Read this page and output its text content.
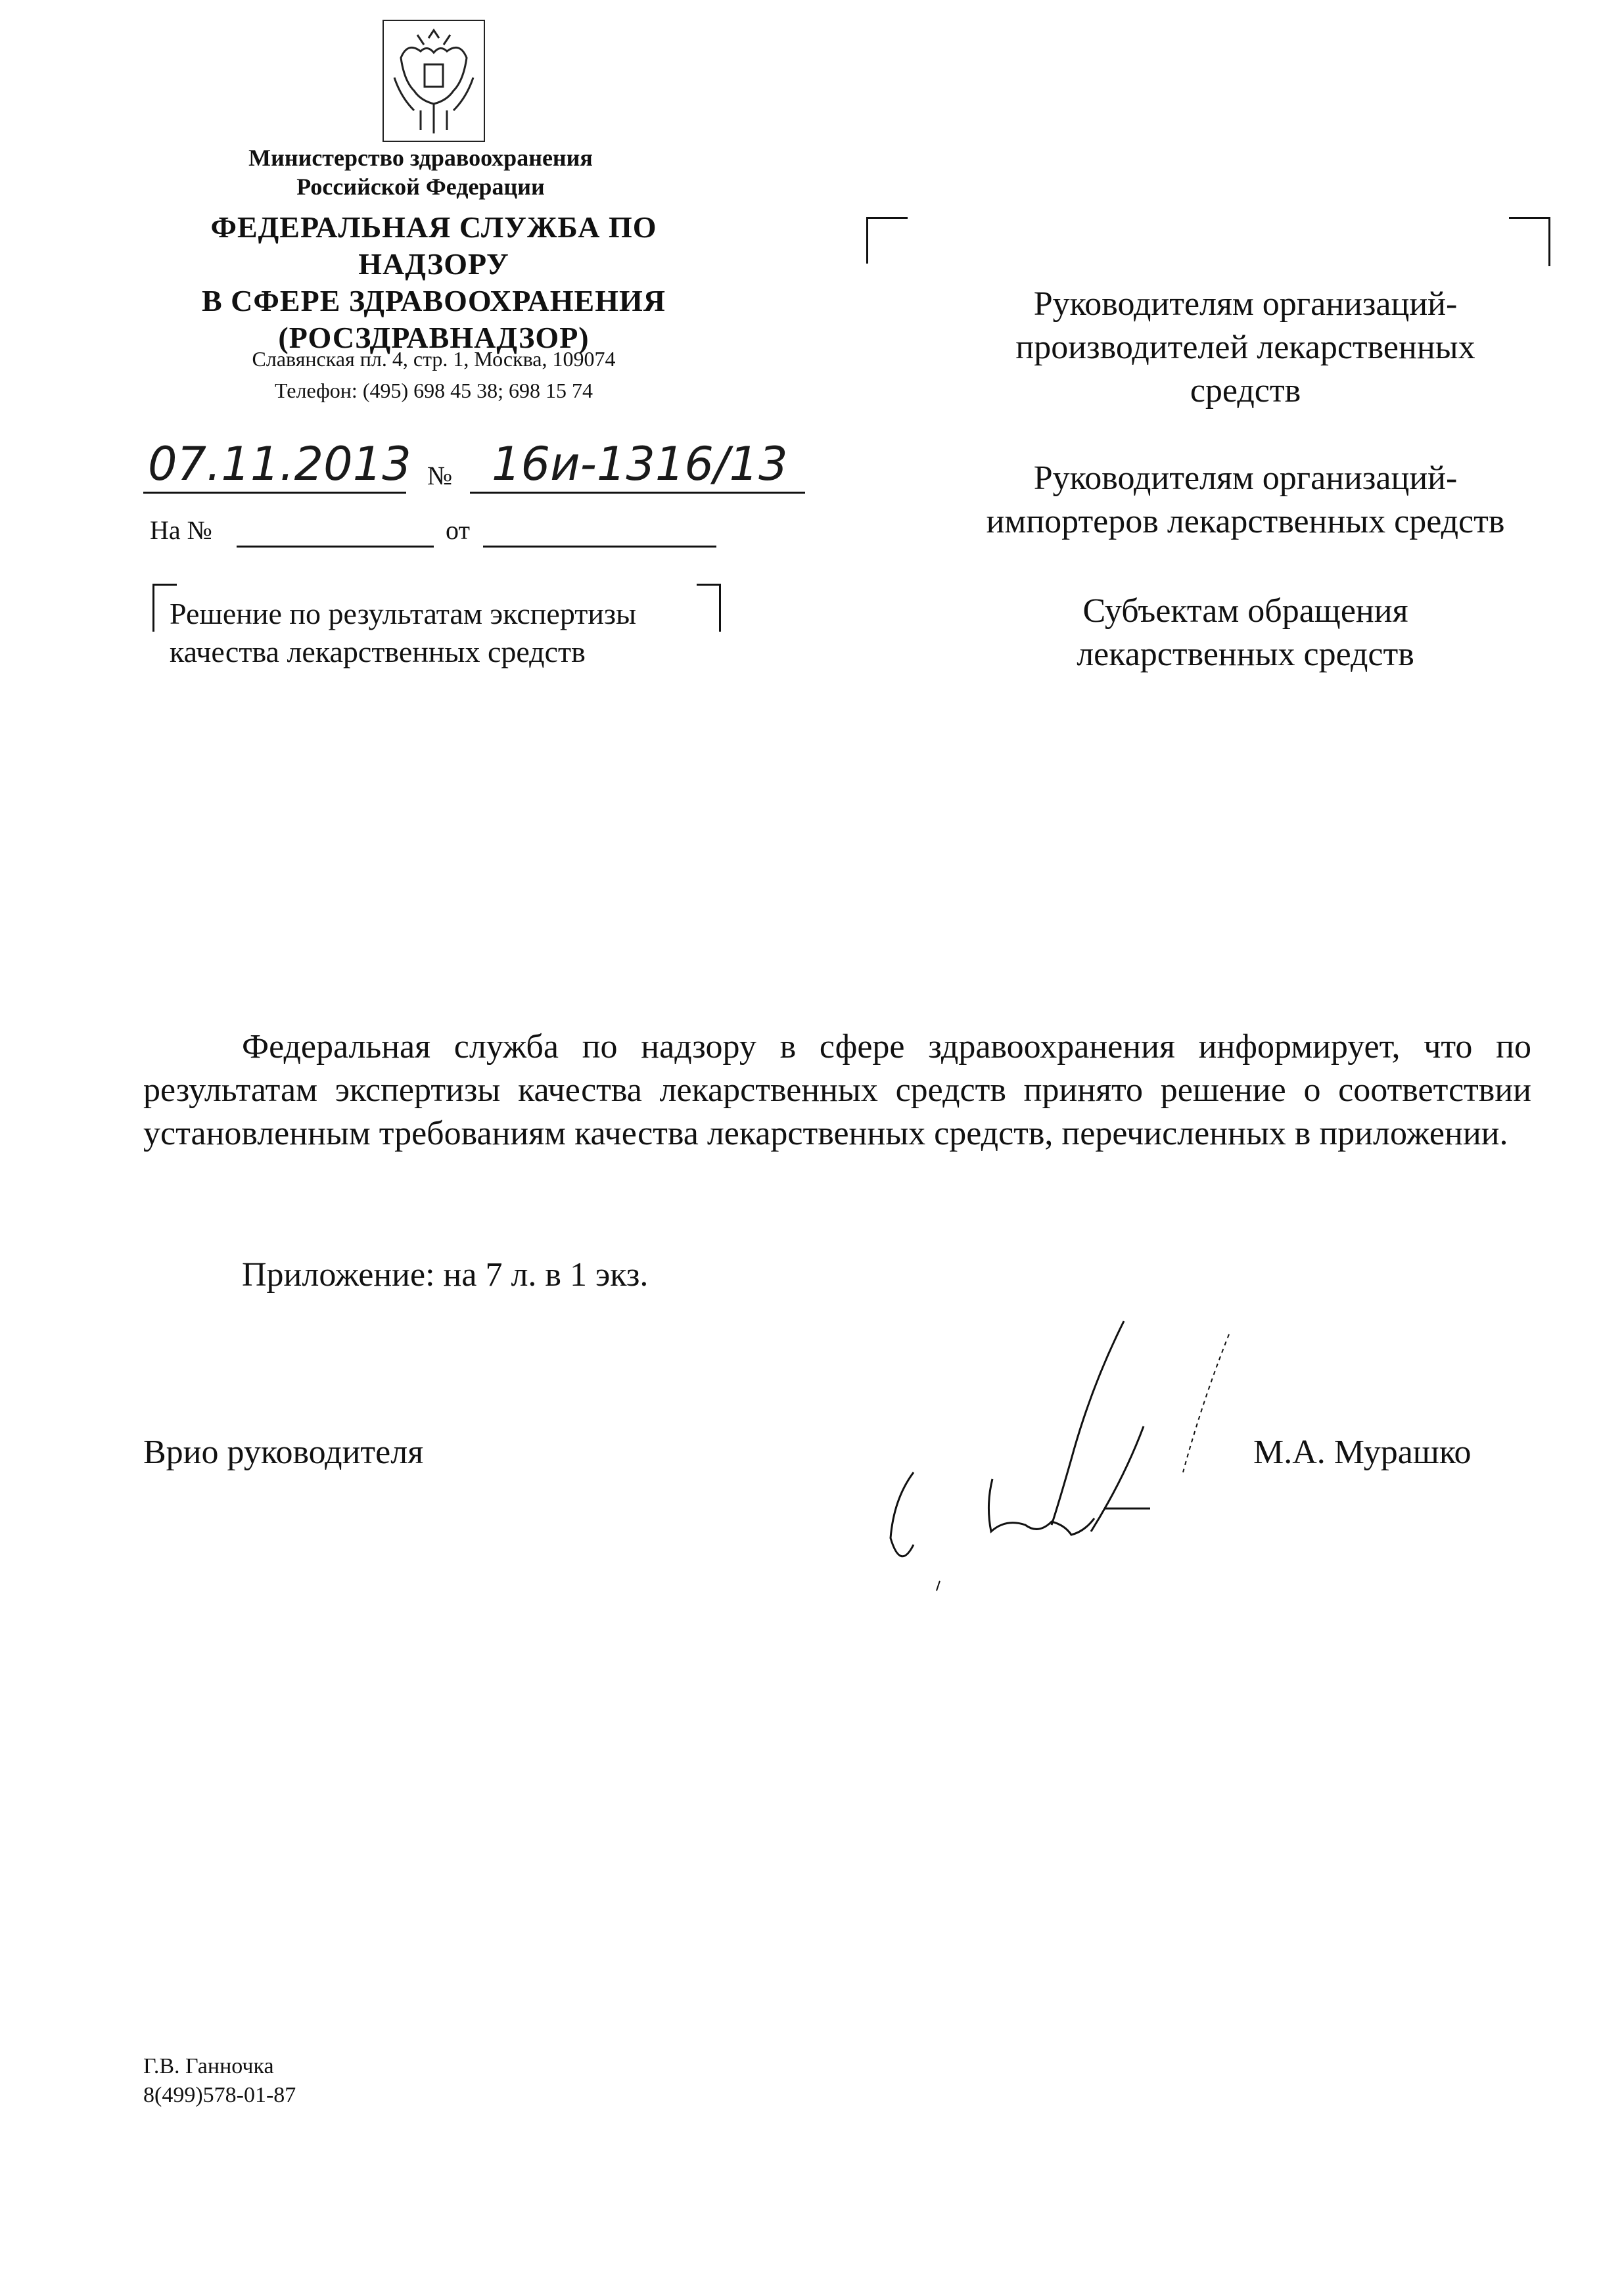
Министерство здравоохранения
Российской Федерации
ФЕДЕРАЛЬНАЯ СЛУЖБА ПО НАДЗОРУ
В СФЕРЕ ЗДРАВООХРАНЕНИЯ
(РОСЗДРАВНАДЗОР)
Славянская пл. 4, стр. 1, Москва, 109074
Телефон: (495) 698 45 38; 698 15 74
07.11.2013 № 16и-1316/13
На №	от
Решение по результатам экспертизы
качества лекарственных средств
Руководителям организаций-
производителей лекарственных
средств
Руководителям организаций-
импортеров лекарственных средств
Субъектам обращения
лекарственных средств

Федеральная служба по надзору в сфере здравоохранения информирует, что по результатам экспертизы качества лекарственных средств принято решение о соответствии установленным требованиям качества лекарственных средств, перечисленных в приложении.

Приложение: на 7 л. в 1 экз.
Врио руководителя	М.А. Мурашко
Г.В. Ганночка
8(499)578-01-87
